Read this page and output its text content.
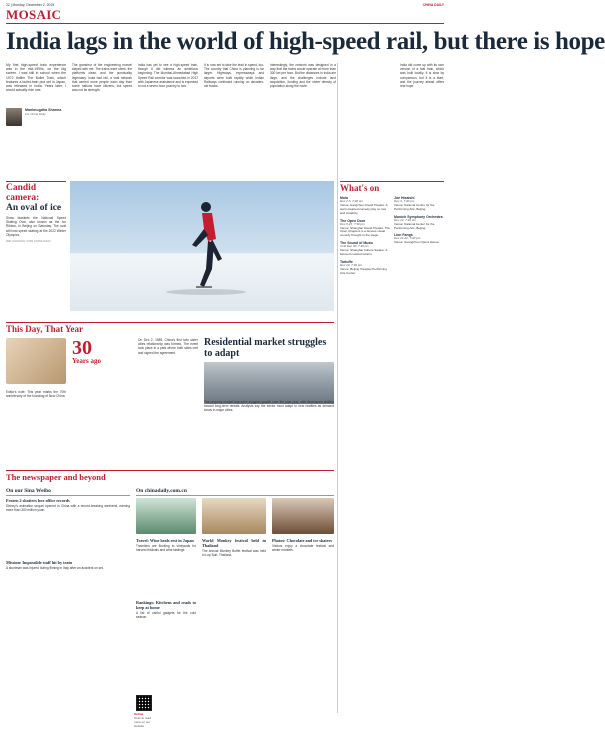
22 | Monday, December 2, 2019	CHINA DAILY
MOSAIC
India lags in the world of high-speed rail, but there is hope
Manimugdha Sharma
For China Daily

My first high-speed train experience was in the mid-1990s, on the big screen. I was still in school when the 1972 thriller The Bullet Train, which features a bullet-train plot set in Japan, was released in India. Years later, I would actually ride one.

The grandeur of the engineering marvel stayed with me. The trains were sleek, the platforms clean, and the punctuality legendary. India had rail, a vast network that carried more people each day than some nations have citizens, but speed was not its strength.

India has yet to see a high-speed train, though it did witness an ambitious beginning. The Mumbai-Ahmedabad High Speed Rail corridor was launched in 2017 with Japanese assistance and is expected to cut a seven-hour journey to two.

It is now set to take the lead in speed, too. The country that China is planning is far larger. Highways, expressways and airports were built rapidly while Indian Railways continued running on decades-old tracks.

Interestingly, the network was designed in a way that the trains would operate at more than 300 km per hour. But the distances in India are large, and the challenges include land acquisition, funding and the sheer density of population along the route.

India did come up with its own version of a fast train, which was built locally. It is slow by comparison, but it is a start, and the journey ahead offers real hope.

What's on
Mola
Dec 2-5, 7:30 pm
Venue: Hangzhou Grand Theatre. A warm-hearted comedy play on raw and creativity.
The Open Door
Dec 8-15, 7:30 pm
Venue: Shanghai Grand Theatre. The Open Chapters is a famous visual comedy brought to the stage.
The Sound of Music
Until Dec 30, 7:30 pm
Venue: Shanghai Culture Square. A beloved musical returns.
Tartuffe
Dec 20, 7:30 pm
Venue: Beijing Tianqiao Performing Arts Center.
Joe Hisaishi
Dec 3, 7:30 pm
Venue: National Centre for the Performing Arts, Beijing.
Munich Symphony Orchestra
Dec 12, 7:30 pm
Venue: National Center for the Performing Arts, Beijing.
Lion Fangs
Dec 21-22, 7:30 pm
Venue: Guangzhou Opera House.
Candid camera:
An oval of ice

Snow blankets the National Speed Skating Oval, also known as the Ice Ribbon, in Beijing on Saturday. The oval will host speed skating at the 2022 Winter Olympics.

WEI XIAOHAO / FOR CHINA DAILY
This Day, That Year
30
Years ago

Editor's note: This year marks the 70th anniversary of the founding of New China.

On Dec 2, 1989, China's first twin sister cities relationship was formed. The event took place in a park where both sides met and signed the agreement.

Residential market struggles to adapt

The property market has seen sluggish growth over the past year, with developers shifting toward long-term rentals. Analysts say the sector must adapt to new realities as demand slows in major cities.

The newspaper and beyond
On our Sina Weibo	On chinadaily.com.cn
Frozen 2 shatters box office records
Disney's animation sequel opened in China with a record-breaking weekend, earning more than 300 million yuan.
Mission: Impossible staff hit by train
A stuntman was injured during filming in Italy after an accident on set.
Travel: Wine heals rest in Japan
Travellers are flocking to vineyards for harvest festivals and wine tastings.
Rankings: Kitchens and reads to keep at home
A list of useful gadgets for the cold season.
World Monkey festival held in Thailand
The annual Monkey Buffet festival was held in Lop Buri, Thailand.
Photos: Chocolate and ice skaters
Visitors enjoy a chocolate festival and winter markets.
Online
Scan to read more on our website
